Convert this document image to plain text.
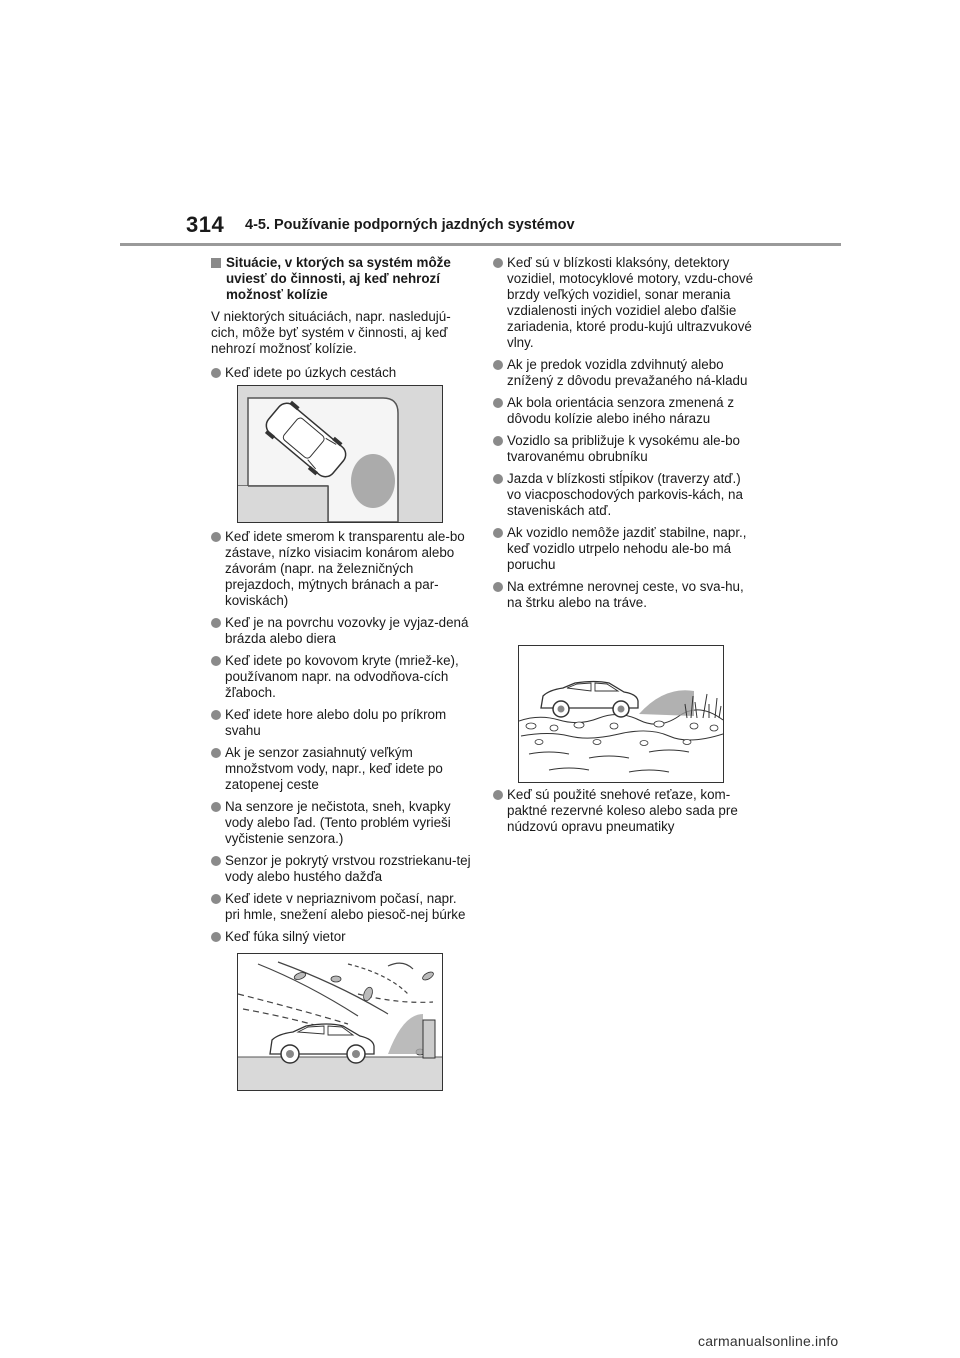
314 4-5. Používanie podporných jazdných systémov
Situácie, v ktorých sa systém môže uviesť do činnosti, aj keď nehrozí možnosť kolízie

V niektorých situáciách, napr. nasledujú-cich, môže byť systém v činnosti, aj keď nehrozí možnosť kolízie.

Keď idete po úzkych cestách
Keď idete smerom k transparentu ale-bo zástave, nízko visiacim konárom alebo závorám (napr. na železničných prejazdoch, mýtnych bránach a par-koviskách)
Keď je na povrchu vozovky je vyjaz-dená brázda alebo diera
Keď idete po kovovom kryte (mriež-ke), používanom napr. na odvodňova-cích žľaboch.
Keď idete hore alebo dolu po príkrom svahu
Ak je senzor zasiahnutý veľkým množstvom vody, napr., keď idete po zatopenej ceste
Na senzore je nečistota, sneh, kvapky vody alebo ľad. (Tento problém vyrieši vyčistenie senzora.)
Senzor je pokrytý vrstvou rozstriekanu-tej vody alebo hustého dažďa
Keď idete v nepriaznivom počasí, napr. pri hmle, snežení alebo piesoč-nej búrke
Keď fúka silný vietor
Keď sú v blízkosti klaksóny, detektory vozidiel, motocyklové motory, vzdu-chové brzdy veľkých vozidiel, sonar merania vzdialenosti iných vozidiel alebo ďalšie zariadenia, ktoré produ-kujú ultrazvukové vlny.
Ak je predok vozidla zdvihnutý alebo znížený z dôvodu prevažaného ná-kladu
Ak bola orientácia senzora zmenená z dôvodu kolízie alebo iného nárazu
Vozidlo sa približuje k vysokému ale-bo tvarovanému obrubníku
Jazda v blízkosti stĺpikov (traverzy atď.) vo viacposchodových parkovis-kách, na staveniskách atď.
Ak vozidlo nemôže jazdiť stabilne, napr., keď vozidlo utrpelo nehodu ale-bo má poruchu
Na extrémne nerovnej ceste, vo sva-hu, na štrku alebo na tráve.
Keď sú použité snehové reťaze, kom-paktné rezervné koleso alebo sada pre núdzovú opravu pneumatiky
carmanualsonline.info
